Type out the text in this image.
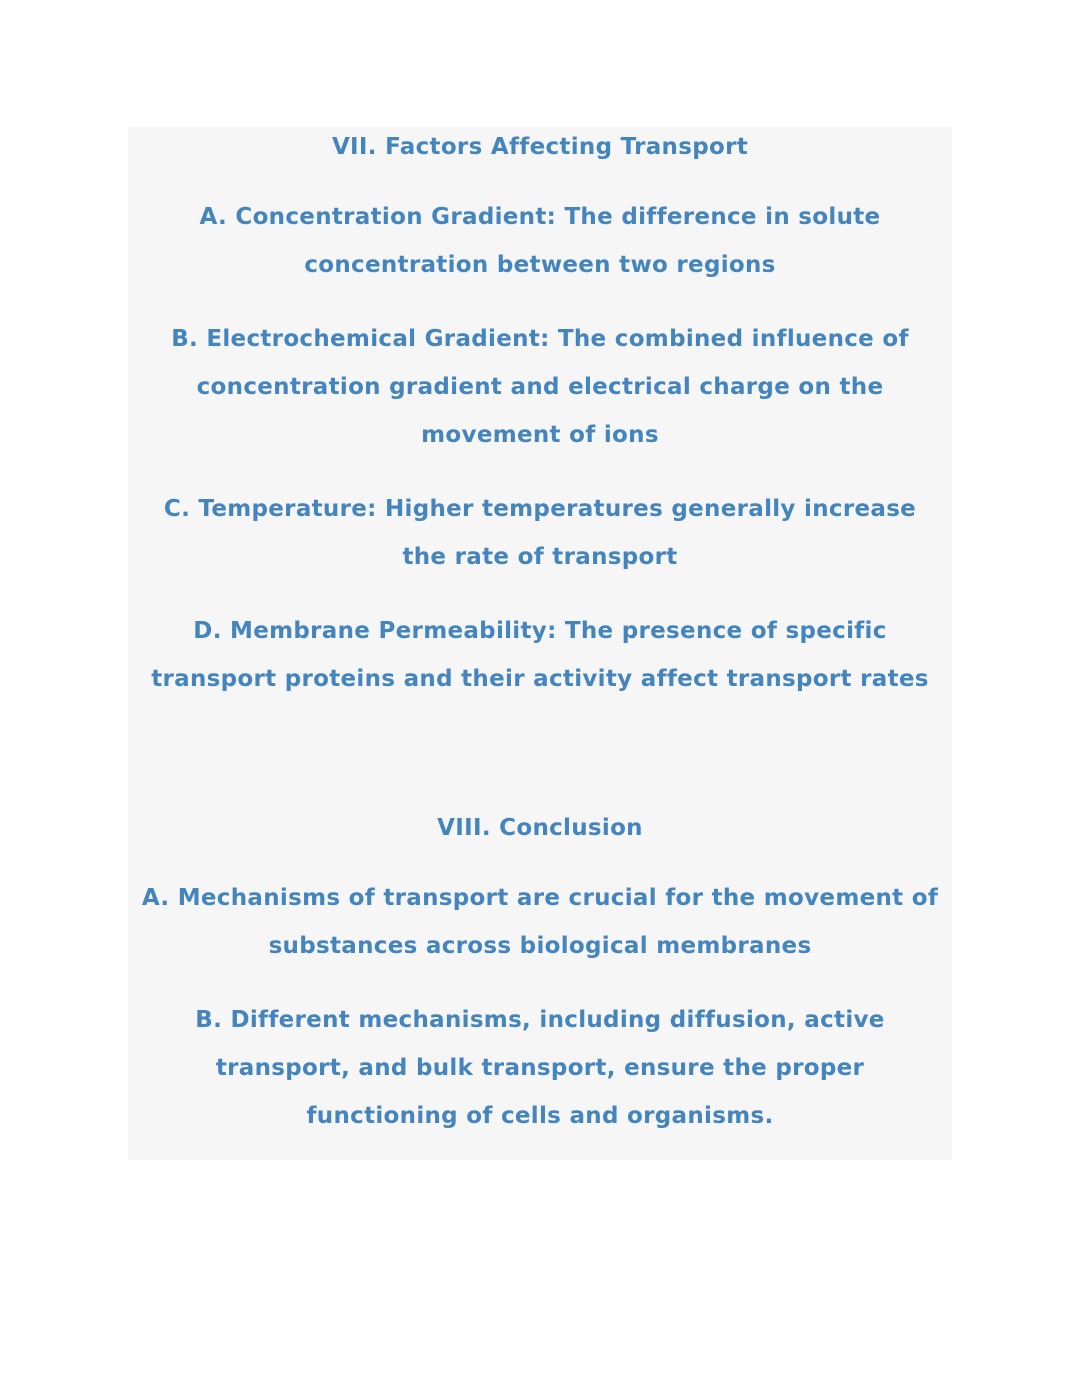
VII. Factors Affecting Transport

A. Concentration Gradient: The difference in solute concentration between two regions

B. Electrochemical Gradient: The combined influence of concentration gradient and electrical charge on the movement of ions

C. Temperature: Higher temperatures generally increase the rate of transport

D. Membrane Permeability: The presence of specific transport proteins and their activity affect transport rates

VIII. Conclusion

A. Mechanisms of transport are crucial for the movement of substances across biological membranes

B. Different mechanisms, including diffusion, active transport, and bulk transport, ensure the proper functioning of cells and organisms.
